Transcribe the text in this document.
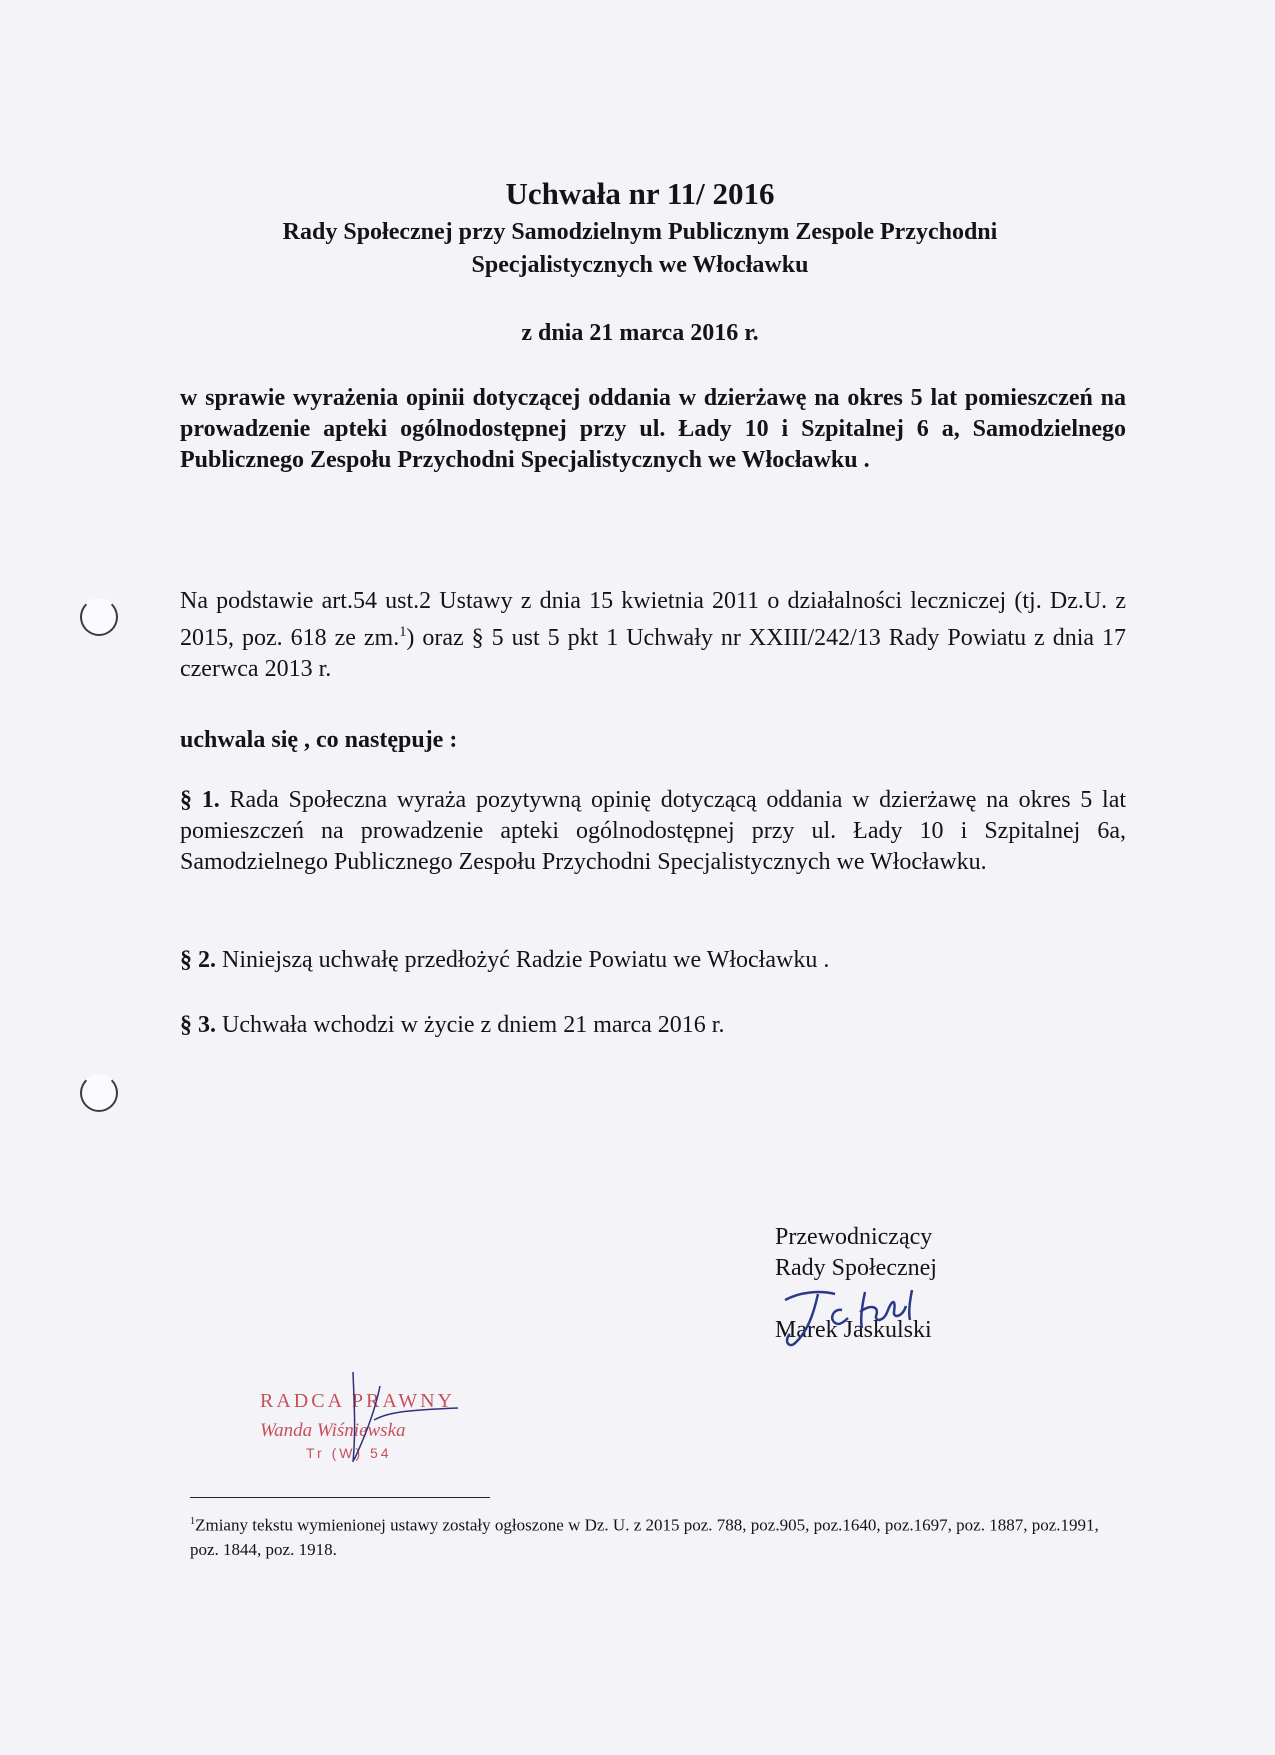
Uchwała nr 11/ 2016
Rady Społecznej przy Samodzielnym Publicznym Zespole Przychodni
Specjalistycznych we Włocławku
z dnia 21 marca 2016 r.
w sprawie wyrażenia opinii dotyczącej oddania w dzierżawę na okres 5 lat pomieszczeń na prowadzenie apteki ogólnodostępnej przy ul. Łady 10 i Szpitalnej 6 a, Samodzielnego Publicznego Zespołu Przychodni Specjalistycznych we Włocławku .
Na podstawie art.54 ust.2 Ustawy z dnia 15 kwietnia 2011 o działalności leczniczej (tj. Dz.U. z 2015, poz. 618 ze zm.$^1$) oraz § 5 ust 5 pkt 1 Uchwały nr XXIII/242/13 Rady Powiatu z dnia 17 czerwca 2013 r.
uchwala się , co następuje :
§ 1. Rada Społeczna wyraża pozytywną opinię dotyczącą oddania w dzierżawę na okres 5 lat pomieszczeń na prowadzenie apteki ogólnodostępnej przy ul. Łady 10 i Szpitalnej 6a, Samodzielnego Publicznego Zespołu Przychodni Specjalistycznych we Włocławku.
§ 2. Niniejszą uchwałę przedłożyć Radzie Powiatu we Włocławku .
§ 3. Uchwała wchodzi w życie z dniem 21 marca 2016 r.
Przewodniczący
Rady Społecznej
Marek Jaskulski
RADCA PRAWNY
Wanda Wiśniewska
Tr (W) 54
$^1$Zmiany tekstu wymienionej ustawy zostały ogłoszone w Dz. U. z 2015 poz. 788, poz.905, poz.1640, poz.1697, poz. 1887, poz.1991, poz. 1844, poz. 1918.
